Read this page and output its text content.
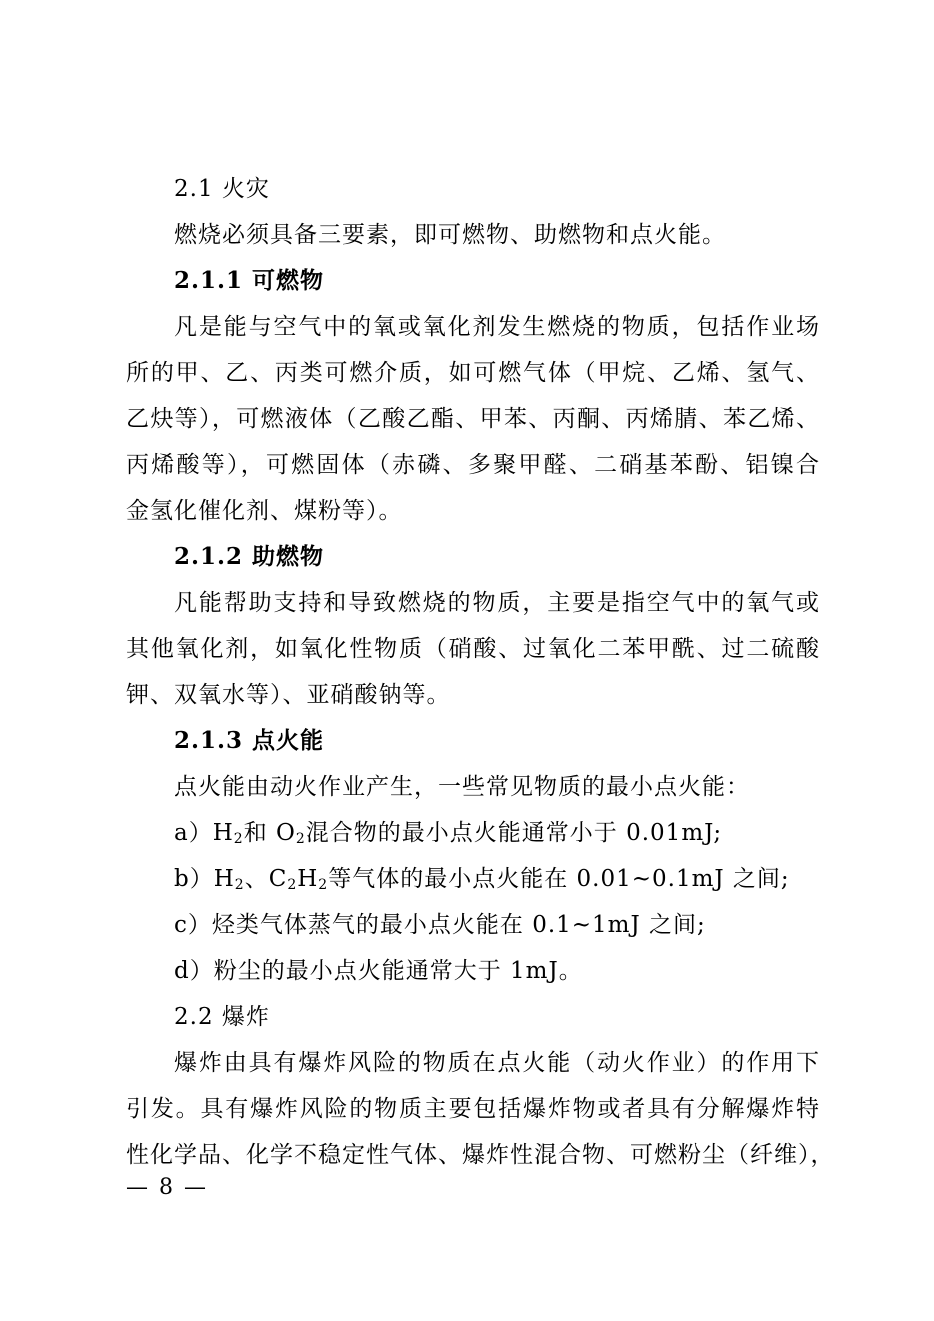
2.1 火灾
燃烧必须具备三要素，即可燃物、助燃物和点火能。
2.1.1 可燃物
凡是能与空气中的氧或氧化剂发生燃烧的物质，包括作业场
所的甲、乙、丙类可燃介质，如可燃气体（甲烷、乙烯、氢气、
乙炔等），可燃液体（乙酸乙酯、甲苯、丙酮、丙烯腈、苯乙烯、
丙烯酸等），可燃固体（赤磷、多聚甲醛、二硝基苯酚、铝镍合
金氢化催化剂、煤粉等）。
2.1.2 助燃物
凡能帮助支持和导致燃烧的物质，主要是指空气中的氧气或
其他氧化剂，如氧化性物质（硝酸、过氧化二苯甲酰、过二硫酸
钾、双氧水等）、亚硝酸钠等。
2.1.3 点火能
点火能由动火作业产生，一些常见物质的最小点火能：
$a)H_2$和 $O_2$混合物的最小点火能通常小于 0.01mJ;
$b)H_2$、$C_2H_2$等气体的最小点火能在 0.01~0.1mJ 之间;
c）烃类气体蒸气的最小点火能在 0.1~1mJ 之间;
d）粉尘的最小点火能通常大于 1mJ。
2.2 爆炸
爆炸由具有爆炸风险的物质在点火能（动火作业）的作用下
引发。具有爆炸风险的物质主要包括爆炸物或者具有分解爆炸特
性化学品、化学不稳定性气体、爆炸性混合物、可燃粉尘（纤维），
— 8 —
